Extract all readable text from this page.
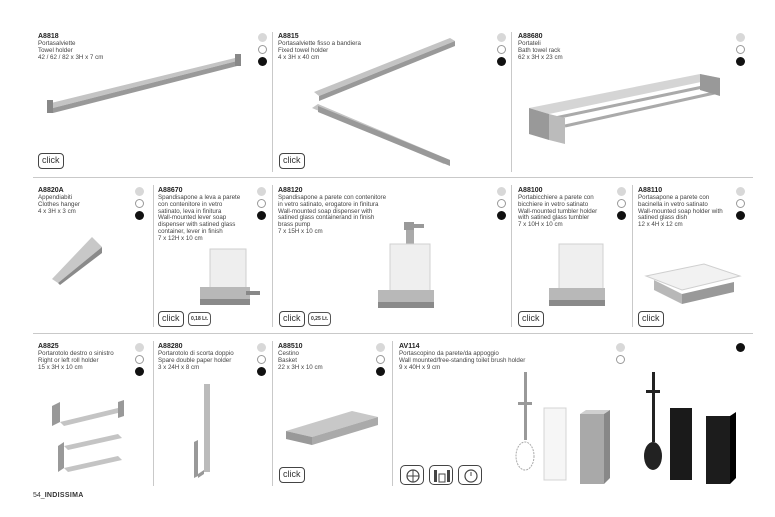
A8818
Portasalviette
Towel holder
42 / 62 / 82 x 3H x 7 cm
click
A8815
Portasalviette fisso a bandiera
Fixed towel holder
4 x 3H x 40 cm
click
A88680
Portateli
Bath towel rack
62 x 3H x 23 cm
A8820A
Appendiabiti
Clothes hanger
4 x 3H x 3 cm
A88670
Spandisapone a leva a parete
con contenitore in vetro
satinato, leva in finitura
Wall-mounted lever soap
dispenser with satined glass
container, lever in finish
7 x 12H x 10 cm
click	0,18 Lt.
A88120
Spandisapone a parete con contenitore
in vetro satinato, erogatore in finitura
Wall-mounted soap dispenser with
satined glass containerand in finish
brass pump
7 x 15H x 10 cm
click	0,25 Lt.
A88100
Portabicchiere a parete con
bicchiere in vetro satinato
Wall-mounted tumbler holder
with satined glass tumbler
7 x 10H x 10 cm
click
A88110
Portasapone a parete con
bacinella in vetro satinato
Wall-mounted soap holder with
satined glass dish
12 x 4H x 12 cm
click
A8825
Portarotolo destro o sinistro
Right or left roll holder
15 x 3H x 10 cm
A88280
Portarotolo di scorta doppio
Spare double paper holder
3 x 24H x 8 cm
A88510
Cestino
Basket
22 x 3H x 10 cm
click
AV114
Portascopino da parete/da appoggio
Wall mounted/free-standing toilet brush holder
9 x 40H x 9 cm
54_INDISSIMA
